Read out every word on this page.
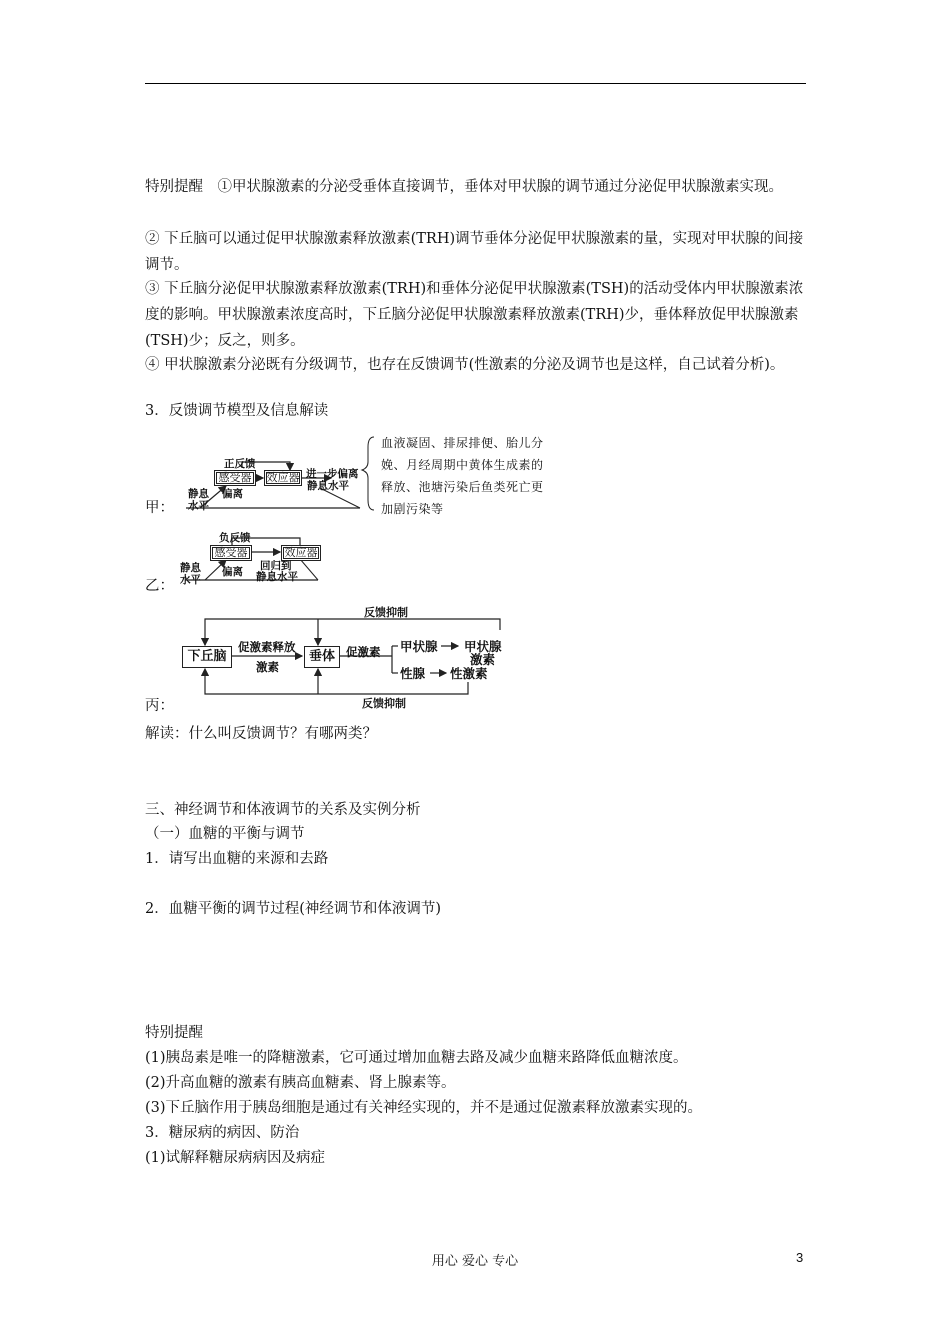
特别提醒　①甲状腺激素的分泌受垂体直接调节，垂体对甲状腺的调节通过分泌促甲状腺激素实现。

② 下丘脑可以通过促甲状腺激素释放激素(TRH)调节垂体分泌促甲状腺激素的量，实现对甲状腺的间接调节。

③ 下丘脑分泌促甲状腺激素释放激素(TRH)和垂体分泌促甲状腺激素(TSH)的活动受体内甲状腺激素浓度的影响。甲状腺激素浓度高时，下丘脑分泌促甲状腺激素释放激素(TRH)少，垂体释放促甲状腺激素(TSH)少；反之，则多。

④ 甲状腺激素分泌既有分级调节，也存在反馈调节(性激素的分泌及调节也是这样，自己试着分析)。

3．反馈调节模型及信息解读

甲：
正反馈
感受器	效应器 进一步偏离
静息水平
静息
水平
偏离
血液凝固、排尿排便、胎儿分娩、月经周期中黄体生成素的释放、池塘污染后鱼类死亡更加剧污染等
乙：
负反馈
感受器	效应器
静息
水平
偏离 回归到
静息水平
丙：
反馈抑制
下丘脑
促激素释放
激素
垂体 促激素 甲状腺 甲状腺
激素
性腺 性激素
反馈抑制

解读：什么叫反馈调节？有哪两类？

三、神经调节和体液调节的关系及实例分析

（一）血糖的平衡与调节

1．请写出血糖的来源和去路

2．血糖平衡的调节过程(神经调节和体液调节)

特别提醒

(1)胰岛素是唯一的降糖激素，它可通过增加血糖去路及减少血糖来路降低血糖浓度。

(2)升高血糖的激素有胰高血糖素、肾上腺素等。

(3)下丘脑作用于胰岛细胞是通过有关神经实现的，并不是通过促激素释放激素实现的。

3．糖尿病的病因、防治

(1)试解释糖尿病病因及病症

用心 爱心 专心	3
